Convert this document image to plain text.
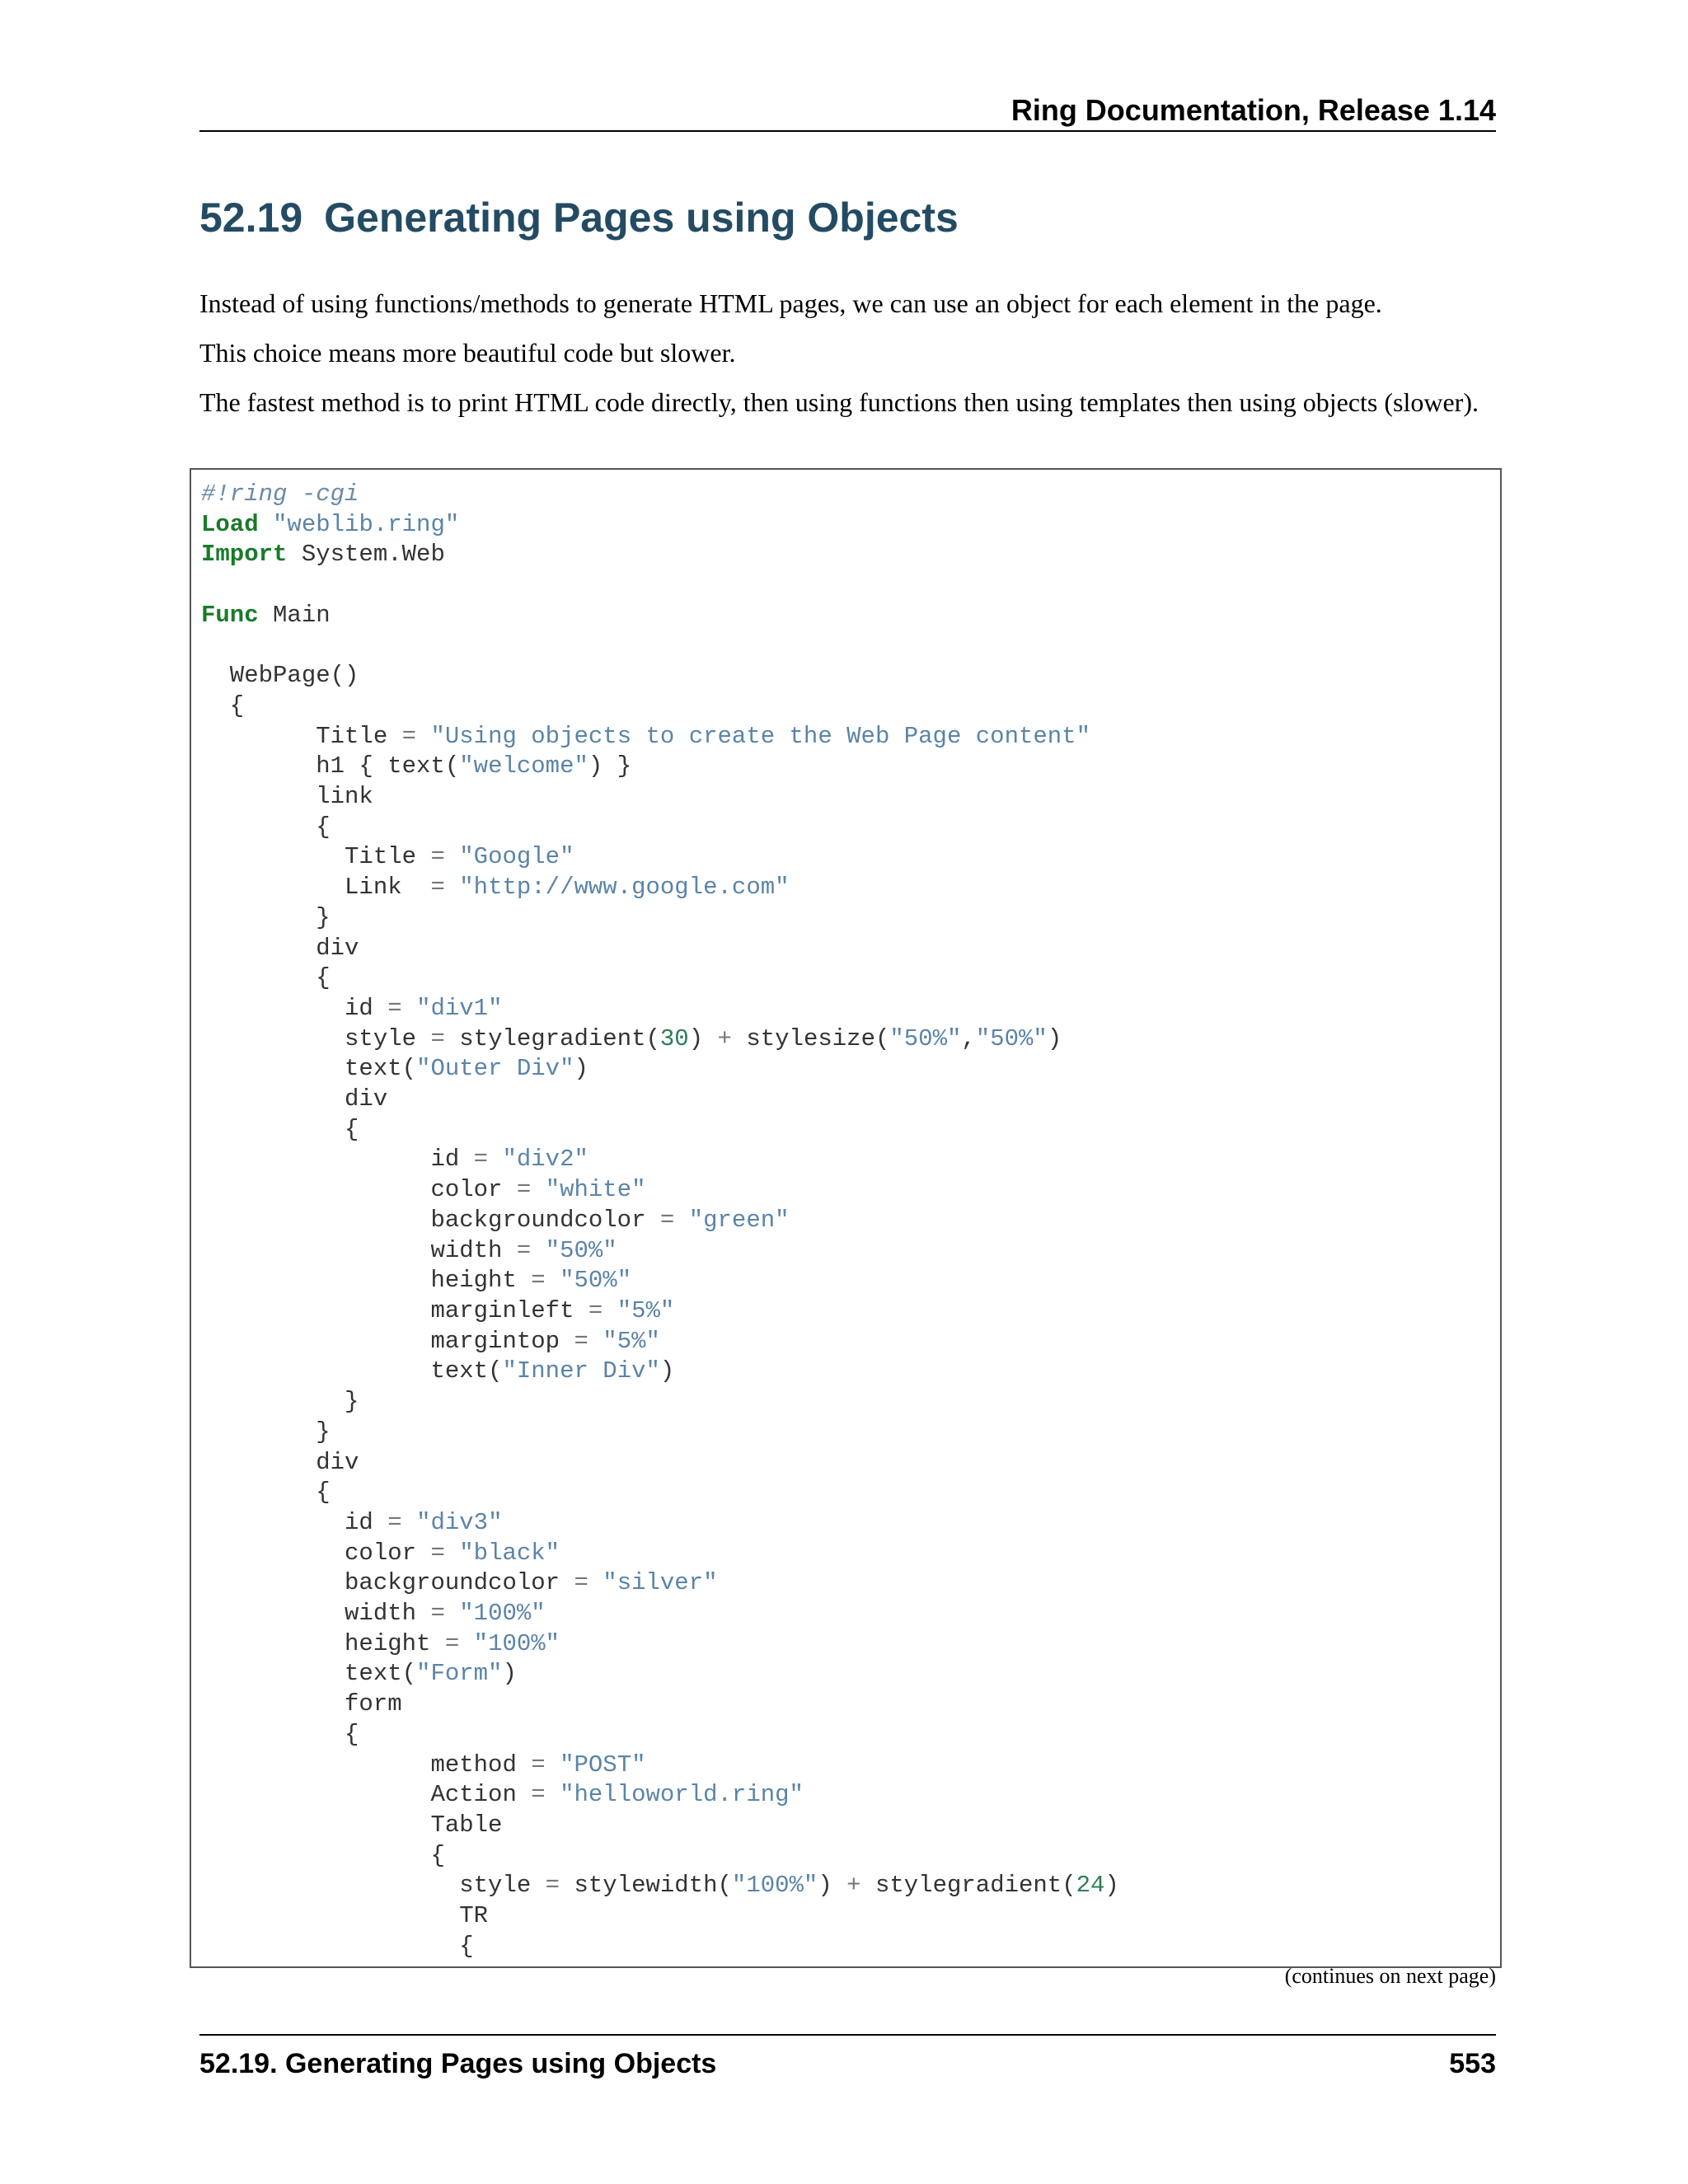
Ring Documentation, Release 1.14
52.19 Generating Pages using Objects

Instead of using functions/methods to generate HTML pages, we can use an object for each element in the page.

This choice means more beautiful code but slower.

The fastest method is to print HTML code directly, then using functions then using templates then using objects (slower).

#!ring -cgi
Load "weblib.ring"
Import System.Web

Func Main

WebPage()
{
Title = "Using objects to create the Web Page content"
h1 { text("welcome") }
link
{
Title = "Google"
Link  = "http://www.google.com"
}
div
{
id = "div1"
style = stylegradient(30) + stylesize("50%","50%")
text("Outer Div")
div
{
id = "div2"
color = "white"
backgroundcolor = "green"
width = "50%"
height = "50%"
marginleft = "5%"
margintop = "5%"
text("Inner Div")
}
}
div
{
id = "div3"
color = "black"
backgroundcolor = "silver"
width = "100%"
height = "100%"
text("Form")
form
{
method = "POST"
Action = "helloworld.ring"
Table
{
style = stylewidth("100%") + stylegradient(24)
TR
{
(continues on next page)
52.19. Generating Pages using Objects	553
